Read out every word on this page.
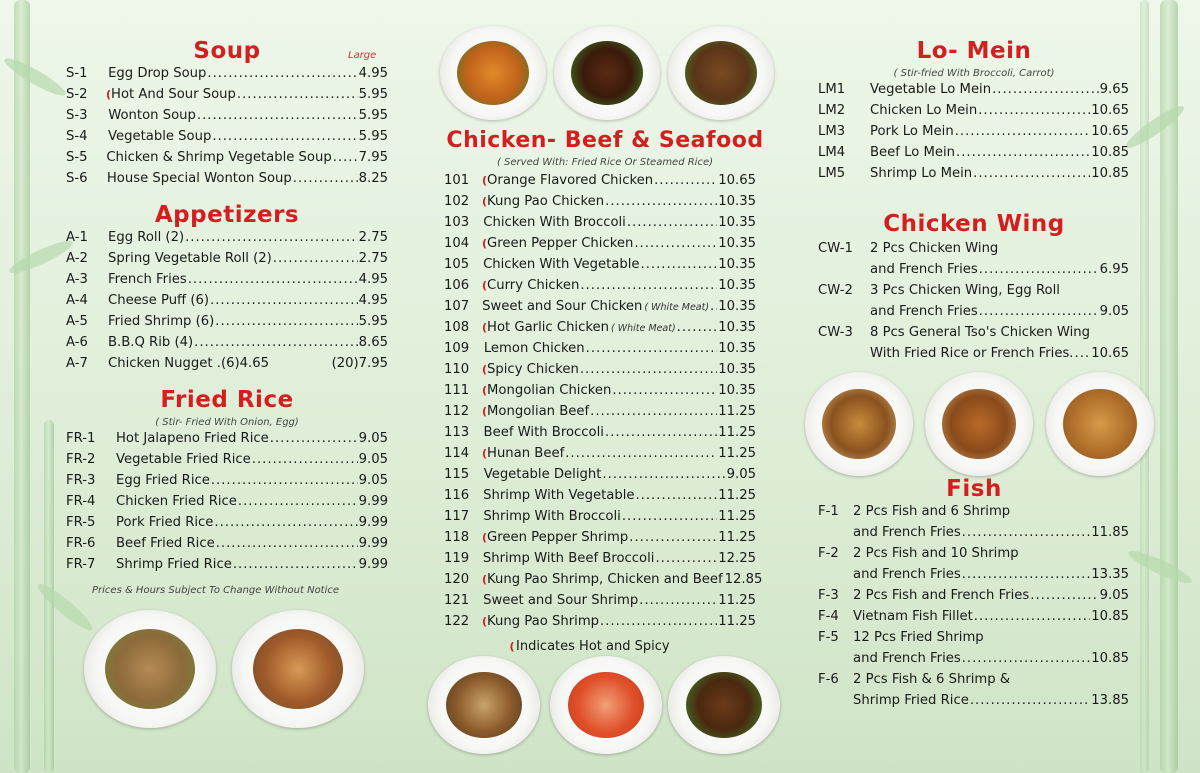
Soup	Large
S-1	Egg Drop Soup .....	4.95
S-2	( Hot And Sour Soup .....	5.95
S-3	Wonton Soup .....	5.95
S-4	Vegetable Soup .....	5.95
S-5	Chicken & Shrimp Vegetable Soup ..... 7.95
S-6	House Special Wonton Soup .....	8.25
Appetizers
A-1	Egg Roll (2) .....	2.75
A-2	Spring Vegetable Roll (2) .....	2.75
A-3	French Fries .....	4.95
A-4	Cheese Puff (6) .....	4.95
A-5	Fried Shrimp (6) .....	5.95
A-6	B.B.Q Rib (4) .....	8.65
A-7	Chicken Nugget .(6)4.65	(20)7.95
Fried Rice
( Stir- Fried With Onion, Egg)
FR-1	Hot Jalapeno Fried Rice .....	9.05
FR-2	Vegetable Fried Rice .....	9.05
FR-3	Egg Fried Rice .....	9.05
FR-4	Chicken Fried Rice .....	9.99
FR-5	Pork Fried Rice .....	9.99
FR-6	Beef Fried Rice .....	9.99
FR-7	Shrimp Fried Rice .....	9.99
Prices & Hours Subject To Change Without Notice
Chicken- Beef & Seafood
( Served With: Fried Rice Or Steamed Rice)
101	( Orange Flavored Chicken .....	10.65
102	( Kung Pao Chicken .....	10.35
103	Chicken With Broccoli .....	10.35
104	( Green Pepper Chicken .....	10.35
105	Chicken With Vegetable .....	10.35
106	( Curry Chicken .....	10.35
107 Sweet and Sour Chicken ( White Meat) ..... 10.35
108	( Hot Garlic Chicken ( White Meat) .....	10.35
109	Lemon Chicken .....	10.35
110	( Spicy Chicken .....	10.35
111	( Mongolian Chicken .....	10.35
112	( Mongolian Beef .....	11.25
113	Beef With Broccoli .....	11.25
114	( Hunan Beef .....	11.25
115	Vegetable Delight .....	9.05
116	Shrimp With Vegetable .....	11.25
117	Shrimp With Broccoli .....	11.25
118	( Green Pepper Shrimp .....	11.25
119	Shrimp With Beef Broccoli .....	12.25
120	( Kung Pao Shrimp, Chicken and Beef 12.85
121	Sweet and Sour Shrimp .....	11.25
122	( Kung Pao Shrimp .....	11.25
(Indicates Hot and Spicy
Lo- Mein
( Stir-fried With Broccoli, Carrot)
LM1	Vegetable Lo Mein .....	9.65
LM2	Chicken Lo Mein .....	10.65
LM3	Pork Lo Mein .....	10.65
LM4	Beef Lo Mein .....	10.85
LM5	Shrimp Lo Mein .....	10.85
Chicken Wing
CW-1	2 Pcs Chicken Wing
and French Fries .....	6.95
CW-2	3 Pcs Chicken Wing, Egg Roll
and French Fries .....	9.05
CW-3	8 Pcs General Tso's Chicken Wing
With Fried Rice or French Fries. ..... 10.65
Fish
F-1	2 Pcs Fish and 6 Shrimp
and French Fries .....	11.85
F-2	2 Pcs Fish and 10 Shrimp
and French Fries .....	13.35
F-3	2 Pcs Fish and French Fries .....	9.05
F-4	Vietnam Fish Fillet .....	10.85
F-5	12 Pcs Fried Shrimp
and French Fries .....	10.85
F-6	2 Pcs Fish & 6 Shrimp &
Shrimp Fried Rice .....	13.85
